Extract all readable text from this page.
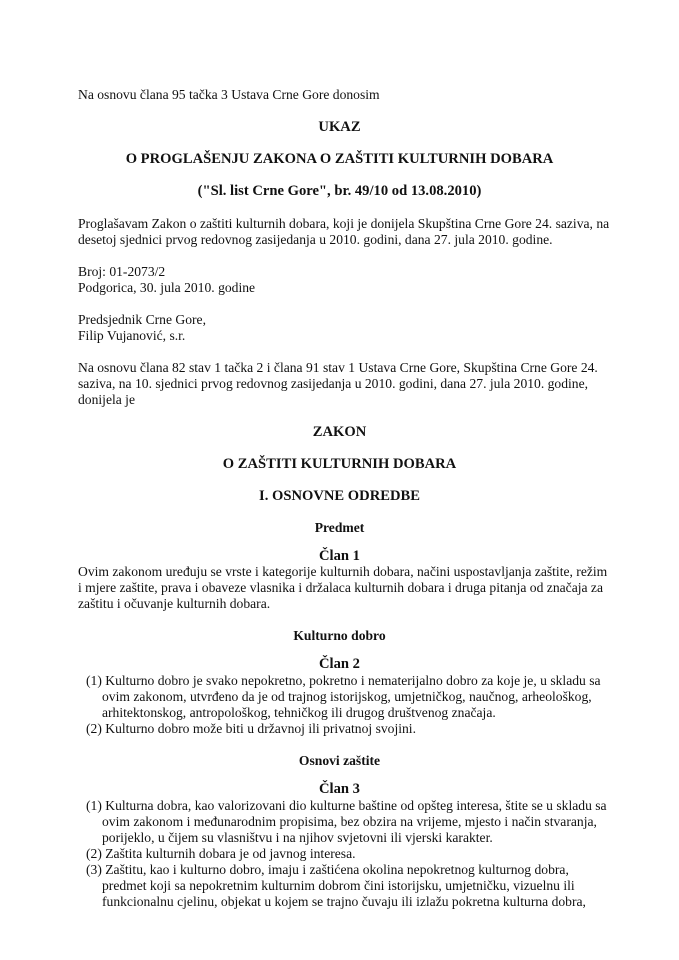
Na osnovu člana 95 tačka 3 Ustava Crne Gore donosim
UKAZ
O PROGLAŠENJU ZAKONA O ZAŠTITI KULTURNIH DOBARA
("Sl. list Crne Gore", br. 49/10 od 13.08.2010)
Proglašavam Zakon o zaštiti kulturnih dobara, koji je donijela Skupština Crne Gore 24. saziva, na
desetoj sjednici prvog redovnog zasijedanja u 2010. godini, dana 27. jula 2010. godine.
Broj: 01-2073/2
Podgorica, 30. jula 2010. godine
Predsjednik Crne Gore,
Filip Vujanović, s.r.
Na osnovu člana 82 stav 1 tačka 2 i člana 91 stav 1 Ustava Crne Gore, Skupština Crne Gore 24.
saziva, na 10. sjednici prvog redovnog zasijedanja u 2010. godini, dana 27. jula 2010. godine,
donijela je
ZAKON
O ZAŠTITI KULTURNIH DOBARA
I. OSNOVNE ODREDBE
Predmet
Član 1
Ovim zakonom uređuju se vrste i kategorije kulturnih dobara, načini uspostavljanja zaštite, režim
i mjere zaštite, prava i obaveze vlasnika i držalaca kulturnih dobara i druga pitanja od značaja za
zaštitu i očuvanje kulturnih dobara.
Kulturno dobro
Član 2
(1) Kulturno dobro je svako nepokretno, pokretno i nematerijalno dobro za koje je, u skladu sa
ovim zakonom, utvrđeno da je od trajnog istorijskog, umjetničkog, naučnog, arheološkog,
arhitektonskog, antropološkog, tehničkog ili drugog društvenog značaja.
(2) Kulturno dobro može biti u državnoj ili privatnoj svojini.
Osnovi zaštite
Član 3
(1) Kulturna dobra, kao valorizovani dio kulturne baštine od opšteg interesa, štite se u skladu sa
ovim zakonom i međunarodnim propisima, bez obzira na vrijeme, mjesto i način stvaranja,
porijeklo, u čijem su vlasništvu i na njihov svjetovni ili vjerski karakter.
(2) Zaštita kulturnih dobara je od javnog interesa.
(3) Zaštitu, kao i kulturno dobro, imaju i zaštićena okolina nepokretnog kulturnog dobra,
predmet koji sa nepokretnim kulturnim dobrom čini istorijsku, umjetničku, vizuelnu ili
funkcionalnu cjelinu, objekat u kojem se trajno čuvaju ili izlažu pokretna kulturna dobra,
